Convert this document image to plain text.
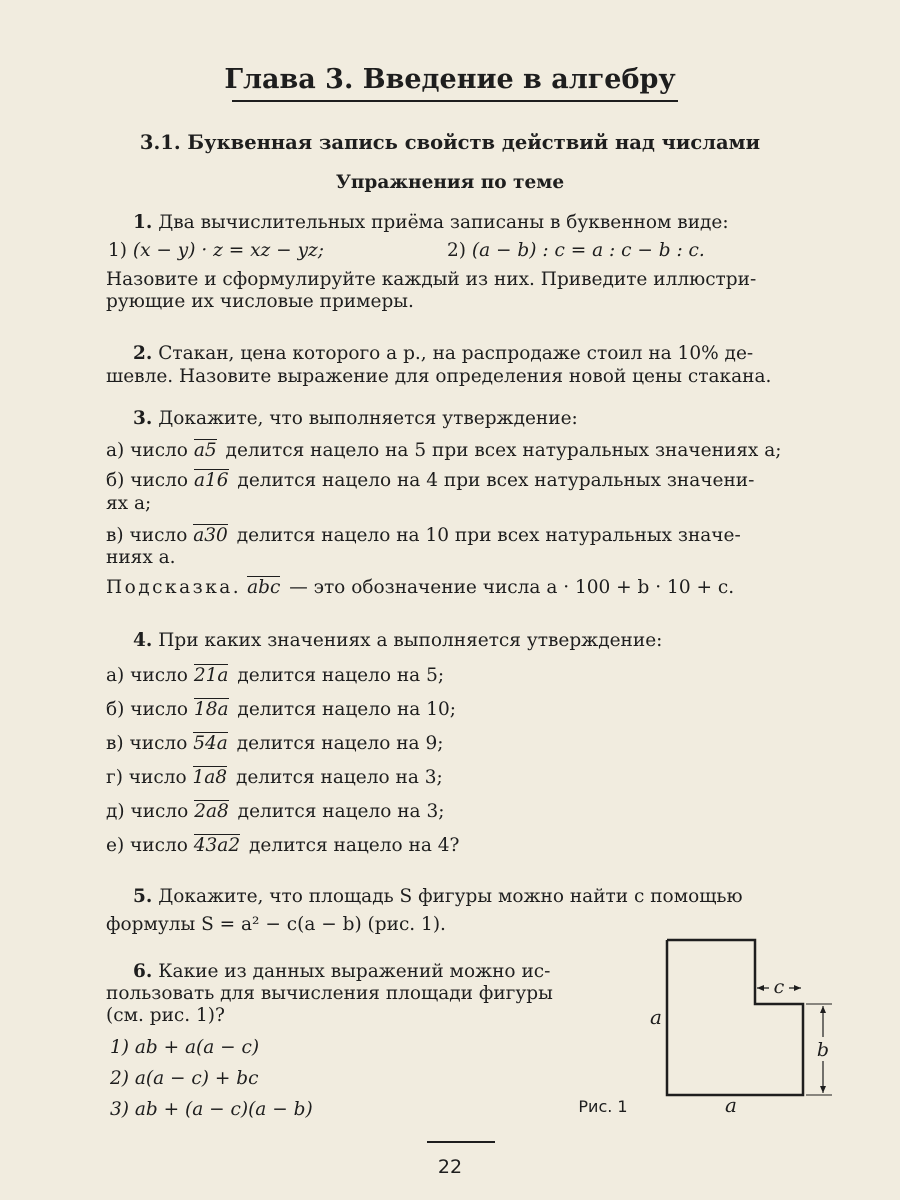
Глава 3. Введение в алгебру
3.1. Буквенная запись свойств действий над числами
Упражнения по теме
1. Два вычислительных приёма записаны в буквенном виде:
1) (x − y) · z = xz − yz;	2) (a − b) : c = a : c − b : c.
Назовите и сформулируйте каждый из них. Приведите иллюстри-
рующие их числовые примеры.
2. Стакан, цена которого a р., на распродаже стоил на 10% де-
шевле. Назовите выражение для определения новой цены стакана.
3. Докажите, что выполняется утверждение:
а) число a5 делится нацело на 5 при всех натуральных значениях a;
б) число a16 делится нацело на 4 при всех натуральных значени-
ях a;
в) число a30 делится нацело на 10 при всех натуральных значе-
ниях a.
Подсказка. abc — это обозначение числа a · 100 + b · 10 + c.
4. При каких значениях a выполняется утверждение:
а) число 21a делится нацело на 5;
б) число 18a делится нацело на 10;
в) число 54a делится нацело на 9;
г) число 1a8 делится нацело на 3;
д) число 2a8 делится нацело на 3;
е) число 43a2 делится нацело на 4?
5. Докажите, что площадь S фигуры можно найти с помощью
формулы S = a² − c(a − b) (рис. 1).
6. Какие из данных выражений можно ис-
пользовать для вычисления площади фигуры
(см. рис. 1)?
1) ab + a(a − c)
2) a(a − c) + bc
3) ab + (a − c)(a − b)
c
b
a
a
Рис. 1
22
